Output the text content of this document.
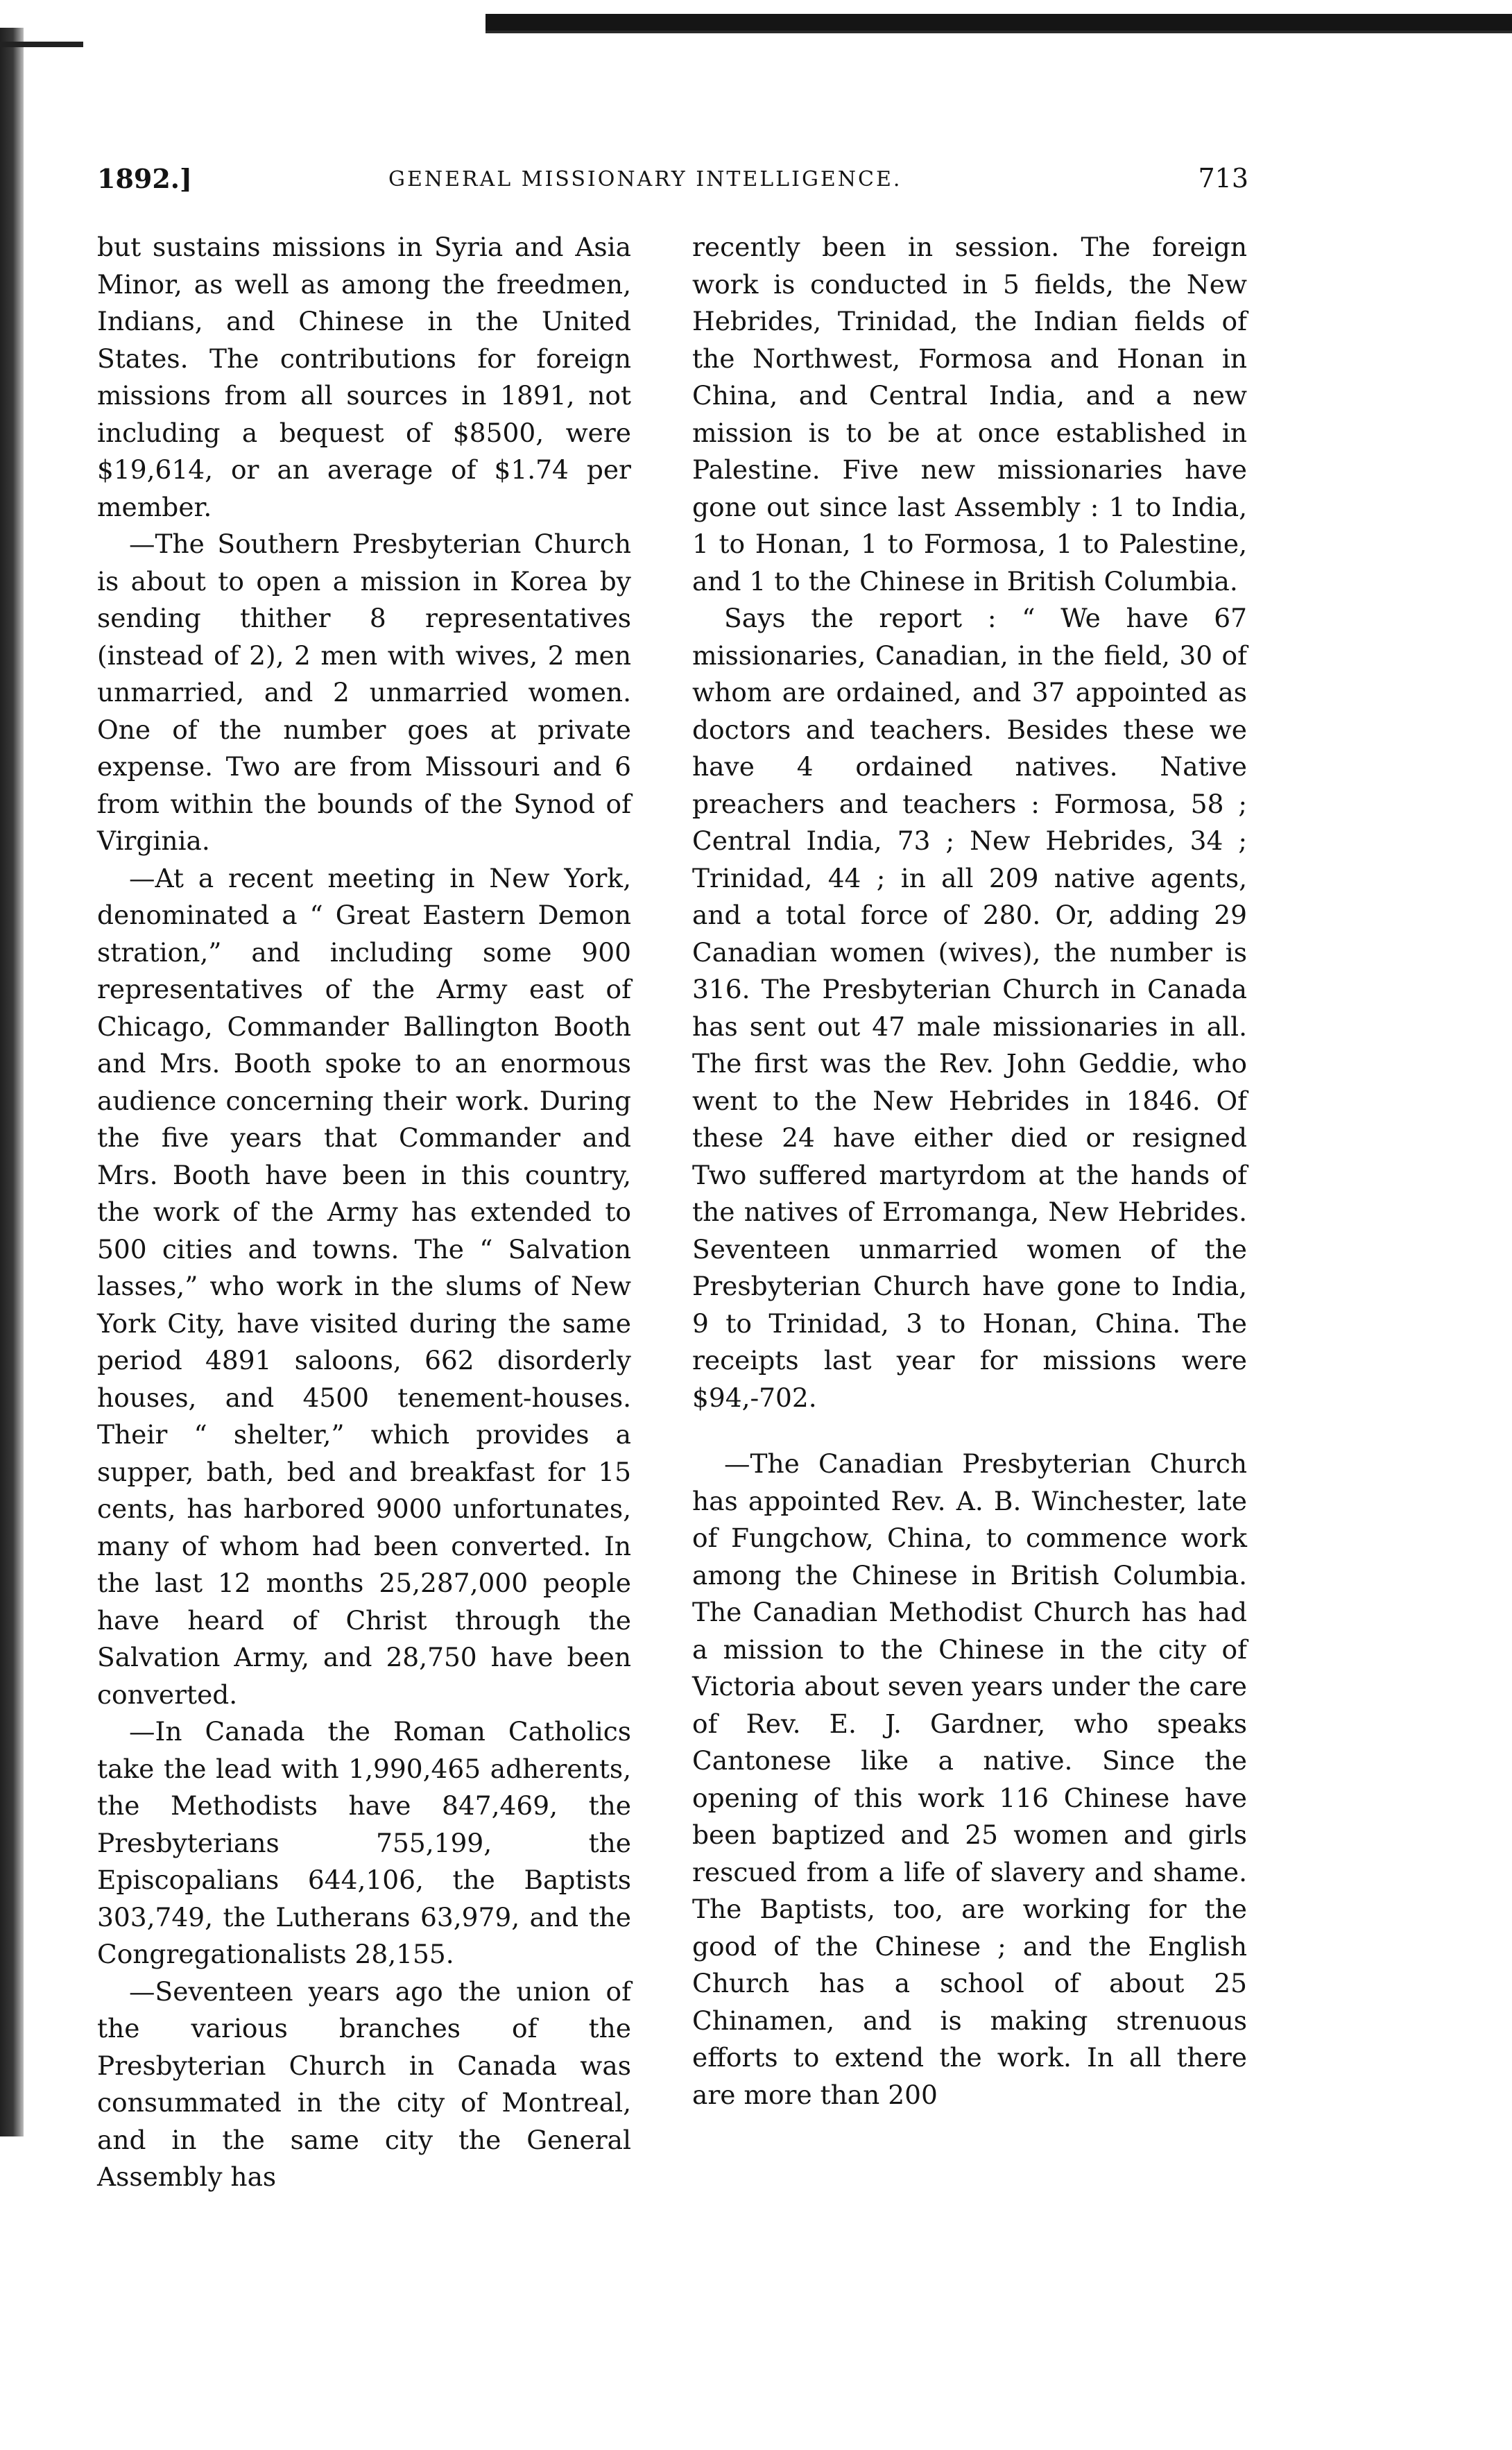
1892.]	GENERAL MISSIONARY INTELLIGENCE.	713

but sustains missions in Syria and Asia Minor, as well as among the freedmen, Indians, and Chinese in the United States. The contributions for foreign missions from all sources in 1891, not including a bequest of $8500, were $19,614, or an average of $1.74 per member.

—The Southern Presbyterian Church is about to open a mission in Korea by sending thither 8 representatives (instead of 2), 2 men with wives, 2 men unmarried, and 2 unmarried women. One of the number goes at private expense. Two are from Missouri and 6 from within the bounds of the Synod of Virginia.

—At a recent meeting in New York, denominated a “ Great Eastern Demon stration,” and including some 900 representatives of the Army east of Chicago, Commander Ballington Booth and Mrs. Booth spoke to an enormous audience concerning their work. During the five years that Commander and Mrs. Booth have been in this country, the work of the Army has extended to 500 cities and towns. The “ Salvation lasses,” who work in the slums of New York City, have visited during the same period 4891 saloons, 662 disorderly houses, and 4500 tenement-houses. Their “ shelter,” which provides a supper, bath, bed and breakfast for 15 cents, has harbored 9000 unfortunates, many of whom had been converted. In the last 12 months 25,287,000 people have heard of Christ through the Salvation Army, and 28,750 have been converted.

—In Canada the Roman Catholics take the lead with 1,990,465 adherents, the Methodists have 847,469, the Presbyterians 755,199, the Episcopalians 644,106, the Baptists 303,749, the Lutherans 63,979, and the Congregationalists 28,155.

—Seventeen years ago the union of the various branches of the Presbyterian Church in Canada was consummated in the city of Montreal, and in the same city the General Assembly has

recently been in session. The foreign work is conducted in 5 fields, the New Hebrides, Trinidad, the Indian fields of the Northwest, Formosa and Honan in China, and Central India, and a new mission is to be at once established in Palestine. Five new missionaries have gone out since last Assembly : 1 to India, 1 to Honan, 1 to Formosa, 1 to Palestine, and 1 to the Chinese in British Columbia.

Says the report : “ We have 67 missionaries, Canadian, in the field, 30 of whom are ordained, and 37 appointed as doctors and teachers. Besides these we have 4 ordained natives. Native preachers and teachers : Formosa, 58 ; Central India, 73 ; New Hebrides, 34 ; Trinidad, 44 ; in all 209 native agents, and a total force of 280. Or, adding 29 Canadian women (wives), the number is 316. The Presbyterian Church in Canada has sent out 47 male missionaries in all. The first was the Rev. John Geddie, who went to the New Hebrides in 1846. Of these 24 have either died or resigned Two suffered martyrdom at the hands of the natives of Erromanga, New Hebrides. Seventeen unmarried women of the Presbyterian Church have gone to India, 9 to Trinidad, 3 to Honan, China. The receipts last year for missions were $94,-702.

—The Canadian Presbyterian Church has appointed Rev. A. B. Winchester, late of Fungchow, China, to commence work among the Chinese in British Columbia. The Canadian Methodist Church has had a mission to the Chinese in the city of Victoria about seven years under the care of Rev. E. J. Gardner, who speaks Cantonese like a native. Since the opening of this work 116 Chinese have been baptized and 25 women and girls rescued from a life of slavery and shame. The Baptists, too, are working for the good of the Chinese ; and the English Church has a school of about 25 Chinamen, and is making strenuous efforts to extend the work. In all there are more than 200
